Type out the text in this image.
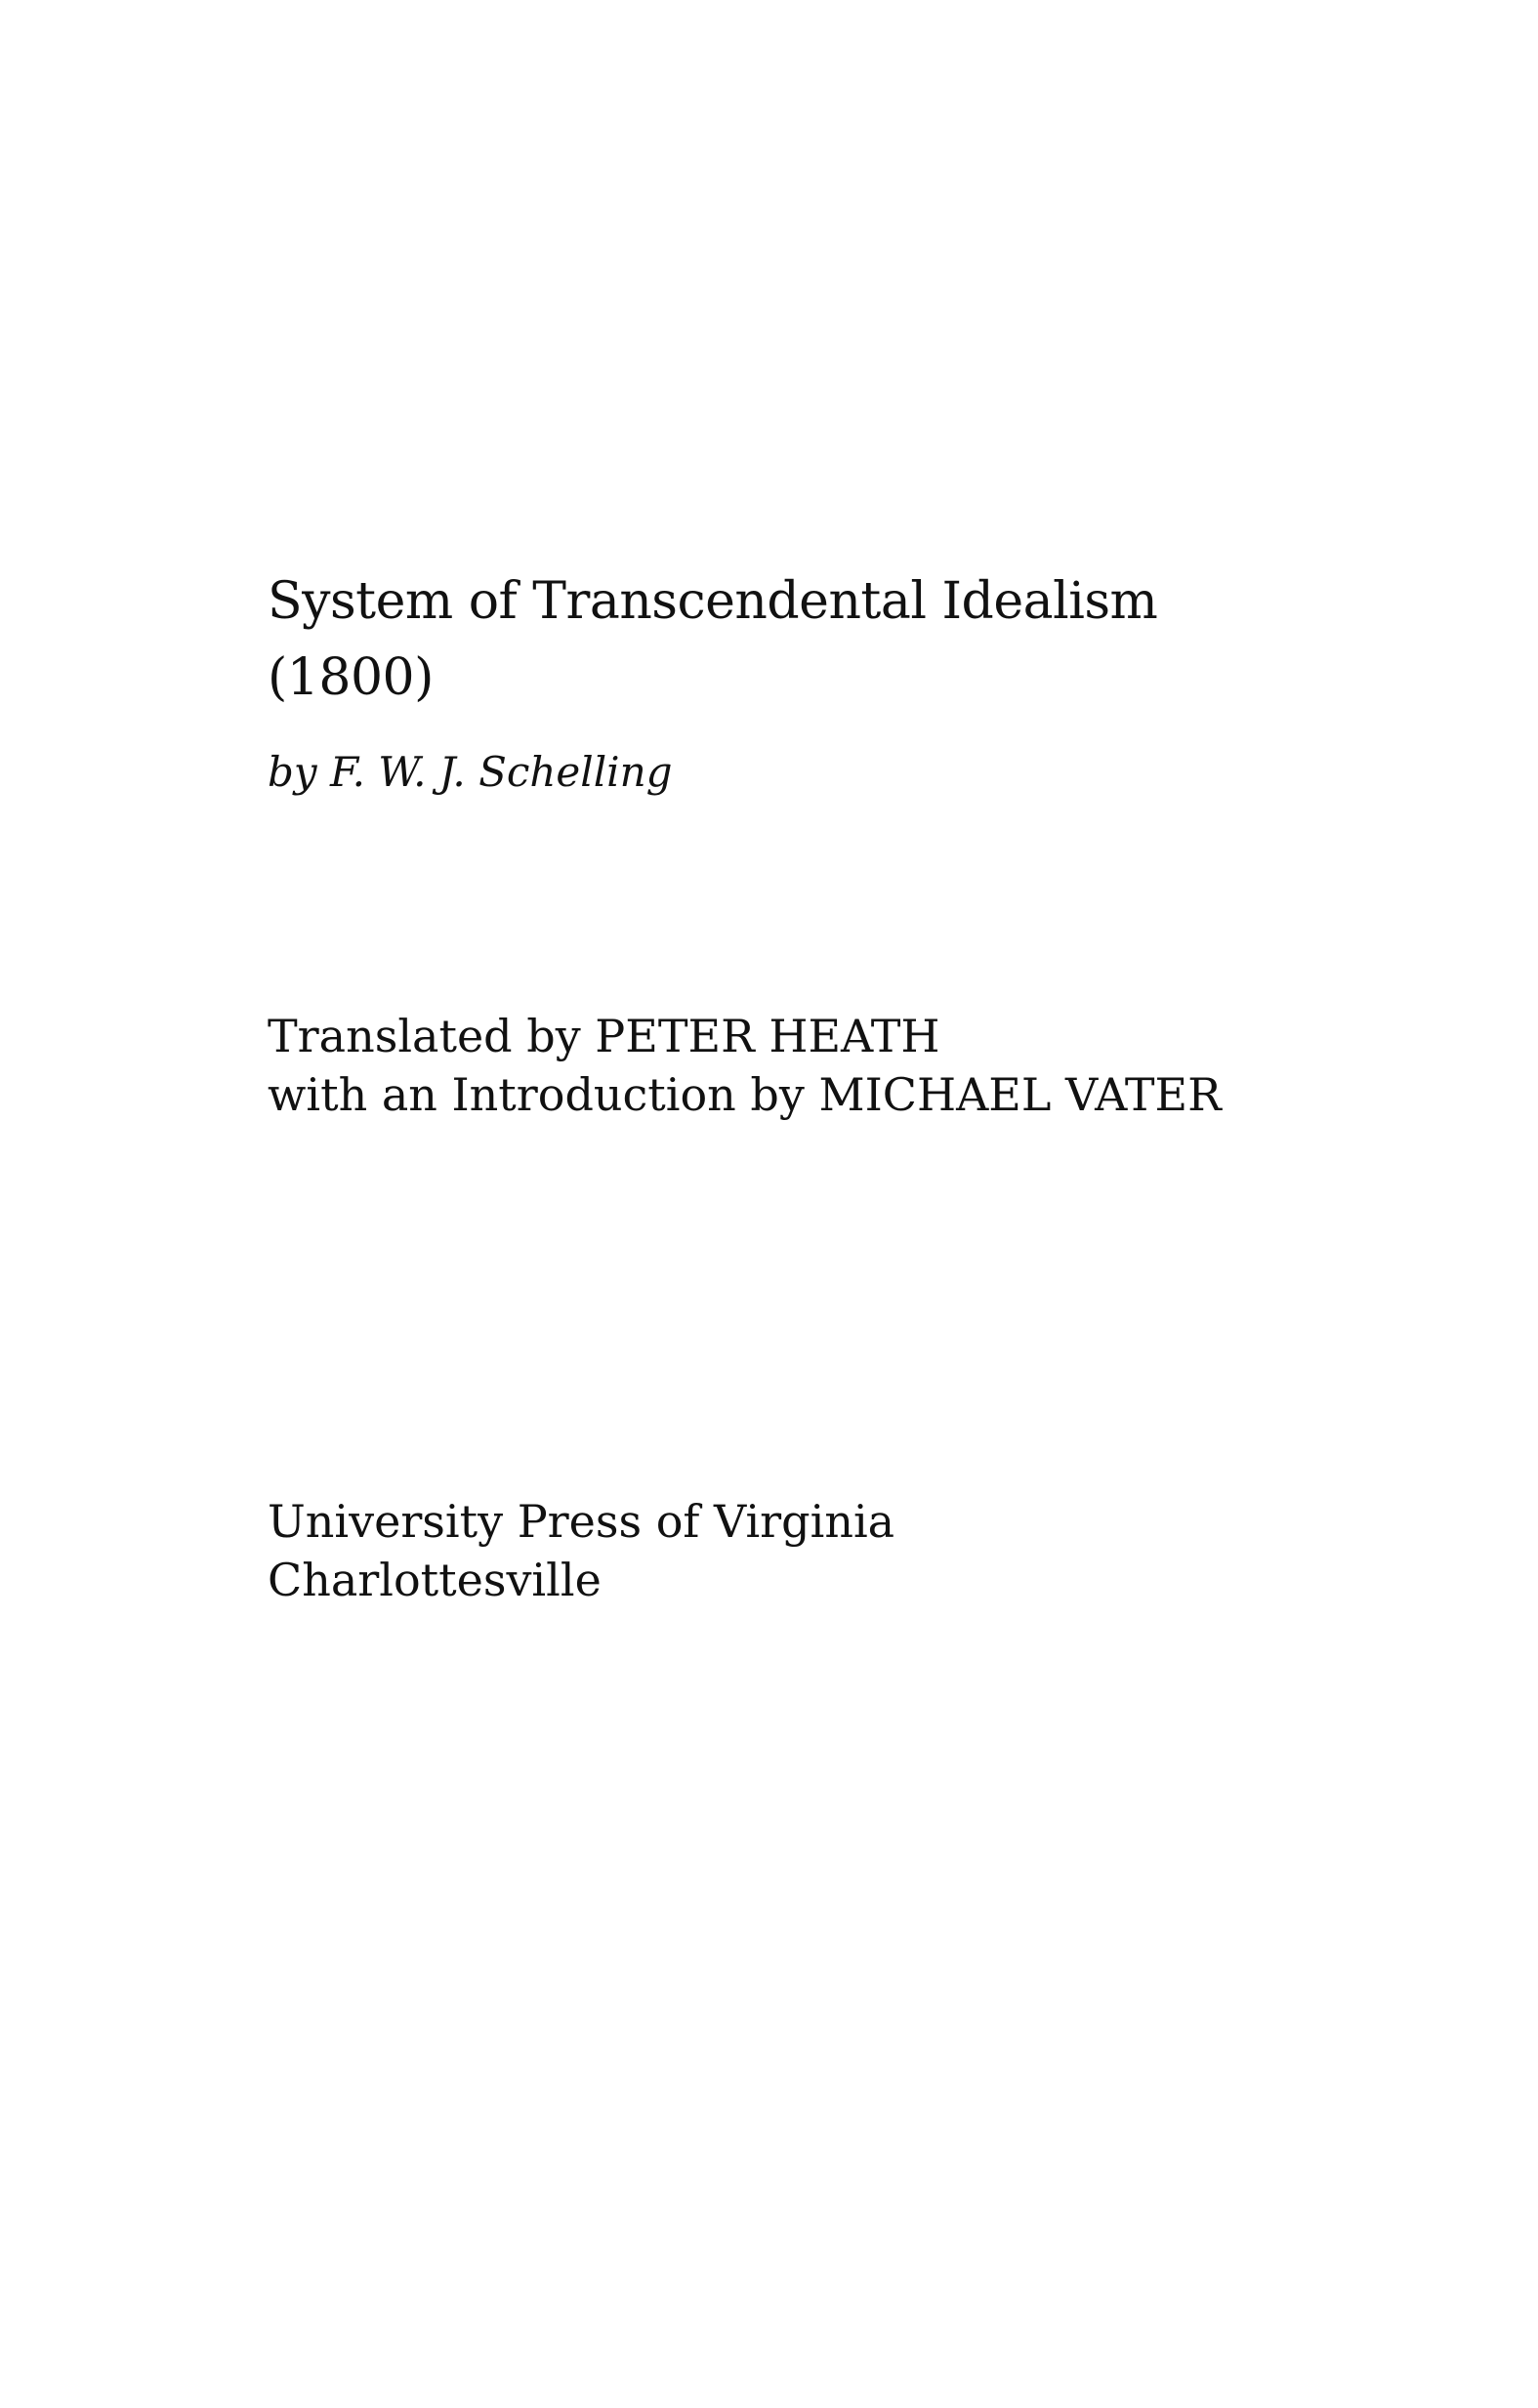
System of Transcendental Idealism
(1800)

by F. W. J. Schelling

Translated by PETER HEATH

with an Introduction by MICHAEL VATER

University Press of Virginia

Charlottesville
